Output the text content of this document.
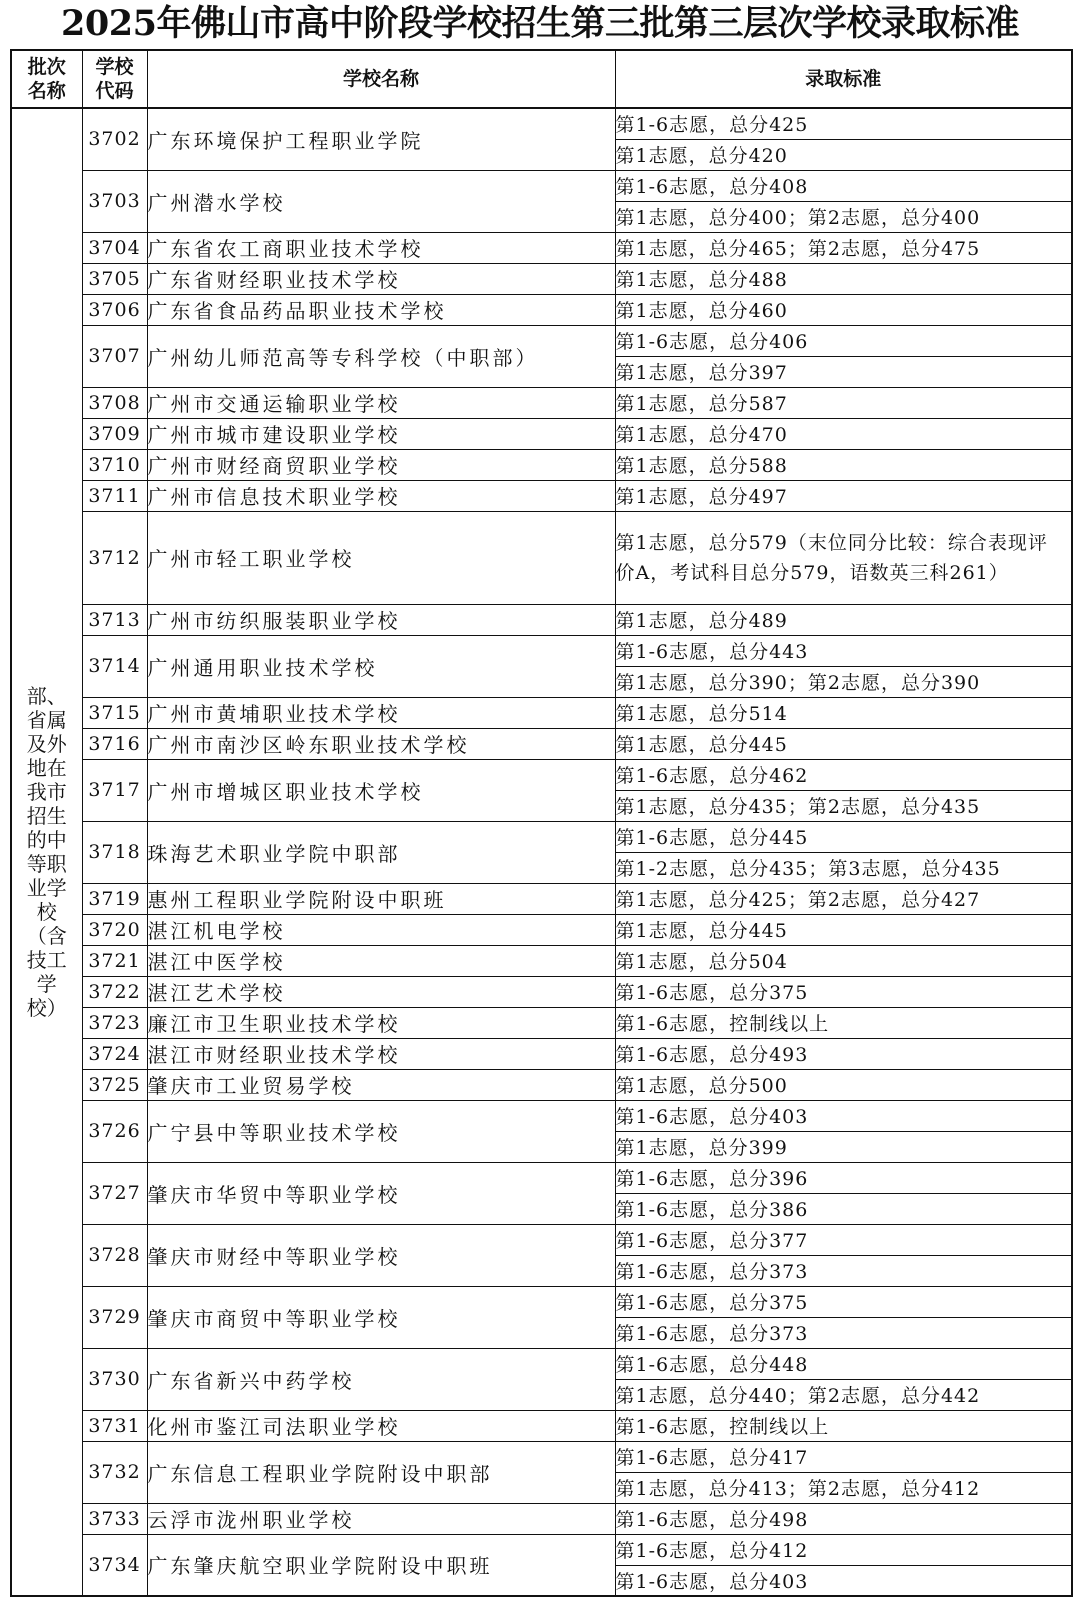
2025年佛山市高中阶段学校招生第三批第三层次学校录取标准
批次名称	学校代码	学校名称	录取标准
部、省属及外地在我市招生的中等职业学校（含技工学校）	3702	广东环境保护工程职业学院	第1-6志愿，总分425
			第1志愿，总分420
	3703	广州潜水学校	第1-6志愿，总分408
			第1志愿，总分400；第2志愿，总分400
	3704	广东省农工商职业技术学校	第1志愿，总分465；第2志愿，总分475
	3705	广东省财经职业技术学校	第1志愿，总分488
	3706	广东省食品药品职业技术学校	第1志愿，总分460
	3707	广州幼儿师范高等专科学校（中职部）	第1-6志愿，总分406
			第1志愿，总分397
	3708	广州市交通运输职业学校	第1志愿，总分587
	3709	广州市城市建设职业学校	第1志愿，总分470
	3710	广州市财经商贸职业学校	第1志愿，总分588
	3711	广州市信息技术职业学校	第1志愿，总分497
	3712	广州市轻工职业学校	第1志愿，总分579（末位同分比较：综合表现评价A，考试科目总分579，语数英三科261）
	3713	广州市纺织服装职业学校	第1志愿，总分489
	3714	广州通用职业技术学校	第1-6志愿，总分443
			第1志愿，总分390；第2志愿，总分390
	3715	广州市黄埔职业技术学校	第1志愿，总分514
	3716	广州市南沙区岭东职业技术学校	第1志愿，总分445
	3717	广州市增城区职业技术学校	第1-6志愿，总分462
			第1志愿，总分435；第2志愿，总分435
	3718	珠海艺术职业学院中职部	第1-6志愿，总分445
			第1-2志愿，总分435；第3志愿，总分435
	3719	惠州工程职业学院附设中职班	第1志愿，总分425；第2志愿，总分427
	3720	湛江机电学校	第1志愿，总分445
	3721	湛江中医学校	第1志愿，总分504
	3722	湛江艺术学校	第1-6志愿，总分375
	3723	廉江市卫生职业技术学校	第1-6志愿，控制线以上
	3724	湛江市财经职业技术学校	第1-6志愿，总分493
	3725	肇庆市工业贸易学校	第1志愿，总分500
	3726	广宁县中等职业技术学校	第1-6志愿，总分403
			第1志愿，总分399
	3727	肇庆市华贸中等职业学校	第1-6志愿，总分396
			第1-6志愿，总分386
	3728	肇庆市财经中等职业学校	第1-6志愿，总分377
			第1-6志愿，总分373
	3729	肇庆市商贸中等职业学校	第1-6志愿，总分375
			第1-6志愿，总分373
	3730	广东省新兴中药学校	第1-6志愿，总分448
			第1志愿，总分440；第2志愿，总分442
	3731	化州市鉴江司法职业学校	第1-6志愿，控制线以上
	3732	广东信息工程职业学院附设中职部	第1-6志愿，总分417
			第1志愿，总分413；第2志愿，总分412
	3733	云浮市泷州职业学校	第1-6志愿，总分498
	3734	广东肇庆航空职业学院附设中职班	第1-6志愿，总分412
			第1-6志愿，总分403
